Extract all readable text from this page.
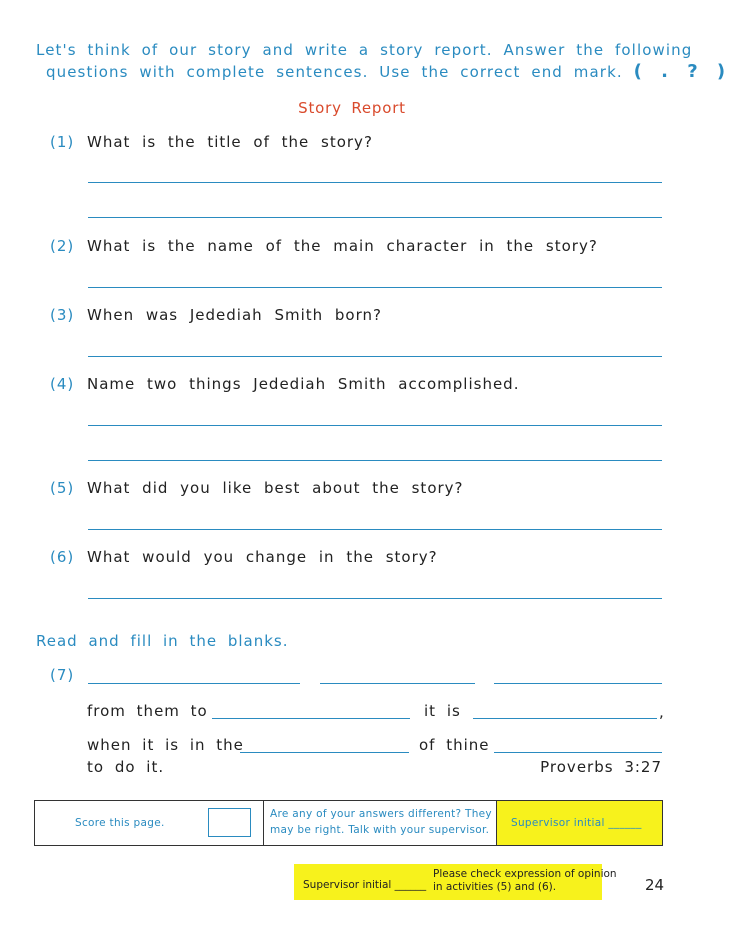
Let's think of our story and write a story report. Answer the following
questions with complete sentences. Use the correct end mark. ( . ? )
Story Report
(1) What is the title of the story?
(2) What is the name of the main character in the story?
(3) When was Jedediah Smith born?
(4) Name two things Jedediah Smith accomplished.
(5) What did you like best about the story?
(6) What would you change in the story?
Read and fill in the blanks.
(7)
from them to	it is	,
when it is in the	of thine
to do it.	Proverbs 3:27
Score this page.
Are any of your answers different? They
may be right. Talk with your supervisor.
Supervisor initial ______
Supervisor initial ______
Please check expression of opinion
in activities (5) and (6).	24
